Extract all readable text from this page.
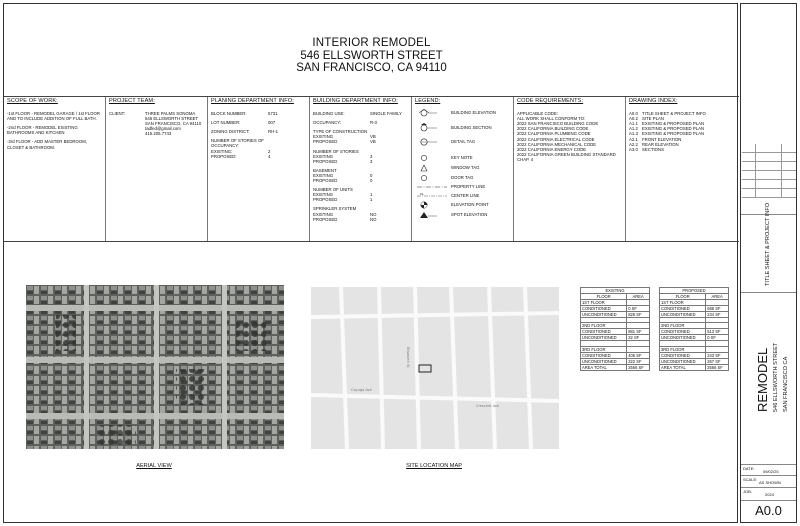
INTERIOR REMODEL
546 ELLSWORTH STREET
SAN FRANCISCO, CA 94110
SCOPE OF WORK:
-1st FLOOR - REMODEL GARAGE / 1st FLOOR AND TO INCLUDE ADDITION OF FULL BATH.
-2nd FLOOR - REMODEL EXISTING BATHROOMS AND KITCHEN
-3rd FLOOR - ADD MASTER BEDROOM, CLOSET & BATHROOM.
PROJECT TEAM:
CLIENT:	THREE PALMS SONOMA
546 ELLSWORTH STREET
SAN FRANCISCO, CA 94110
tadfed@gmail.com
415.205.7743
PLANING DEPARTMENT INFO:
BLOCK NUMBER:	5731
LOT NUMBER:	007
ZONING DISTRICT:	RH-1
NUMBER OF STORIES OF OCCUPANCY:
EXISTING:	2
PROPOSED:	4
BUILDING DEPARTMENT INFO:
BUILDING USE:	SINGLE FAMILY
OCCUPANCY:	R-3
TYPE OF CONSTRUCTION
EXISTING	VB
PROPOSED	VB
NUMBER OF STORIES
EXISTING	3
PROPOSED	3
BASEMENT
EXISTING	0
PROPOSED	0
NUMBER OF UNITS
EXISTING	1
PROPOSED	1
SPRINKLER SYSTEM
EXISTING	NO
PROPOSED	NO
LEGEND:
BUILDING ELEVATION
BUILDING SECTION
DETAIL TAG
KEY NOTE
WINDOW TAG
DOOR TAG
PROPERTY LINE
CL	CENTER LINE
ELEVATION POINT
SPOT ELEVATION
CODE REQUIREMENTS:
APPLICABLE CODE:
ALL WORK SHALL CONFORM TO:
2022 SAN FRANCISCO BUILDING CODE
2022 CALIFORNIA BUILDING CODE
2022 CALIFORNIA PLUMBING CODE
2022 CALIFORNIA ELECTRICAL CODE
2022 CALIFORNIA MECHANICAL CODE
2022 CALIFORNIA ENERGY CODE
2022 CALIFORNIA GREEN BUILDING STANDARD CHAP. 4
DRAWING INDEX:
A0.0 TITLE SHEET & PROJECT INFO
A0.2 SITE PLAN
A1.1 EXISTING & PROPOSED PLAN
A1.2 EXISTING & PROPOSED PLAN
A1.3 EXISTING & PROPOSED PLAN
A2.1 FRONT ELEVATION
A2.2 REAR ELEVATION
A3.0 SECTIONS
AERIAL VIEW
Cayuga Ave
Ellsworth St
Crescent Ave
SITE LOCATION MAP
EXISTING	
FLOOR	AREA
1ST FLOOR	
CONDITIONED	0 SF
UNCONDITIONED	825 SF

2ND FLOOR	
CONDITIONED	881 SF
UNCONDITIONED	32 SF

3RD FLOOR	
CONDITIONED	406 SF
UNCONDITIONED	322 SF
AREA TOTAL	2566 SF
PROPOSED	
FLOOR	AREA
1ST FLOOR	
CONDITIONED	688 SF
UNCONDITIONED	234 SF

2ND FLOOR	
CONDITIONED	513 SF
UNCONDITIONED	0 SF

3RD FLOOR	
CONDITIONED	243 SF
UNCONDITIONED	267 SF
AREA TOTAL	2566 SF
TITLE SHEET & PROJECT INFO
REMODEL 546 ELLSWORTH STREET SAN FRANCISCO CA
DATE:
09/02/25
SCALE:
AS SHOWN
JOB:
2024
A0.0
